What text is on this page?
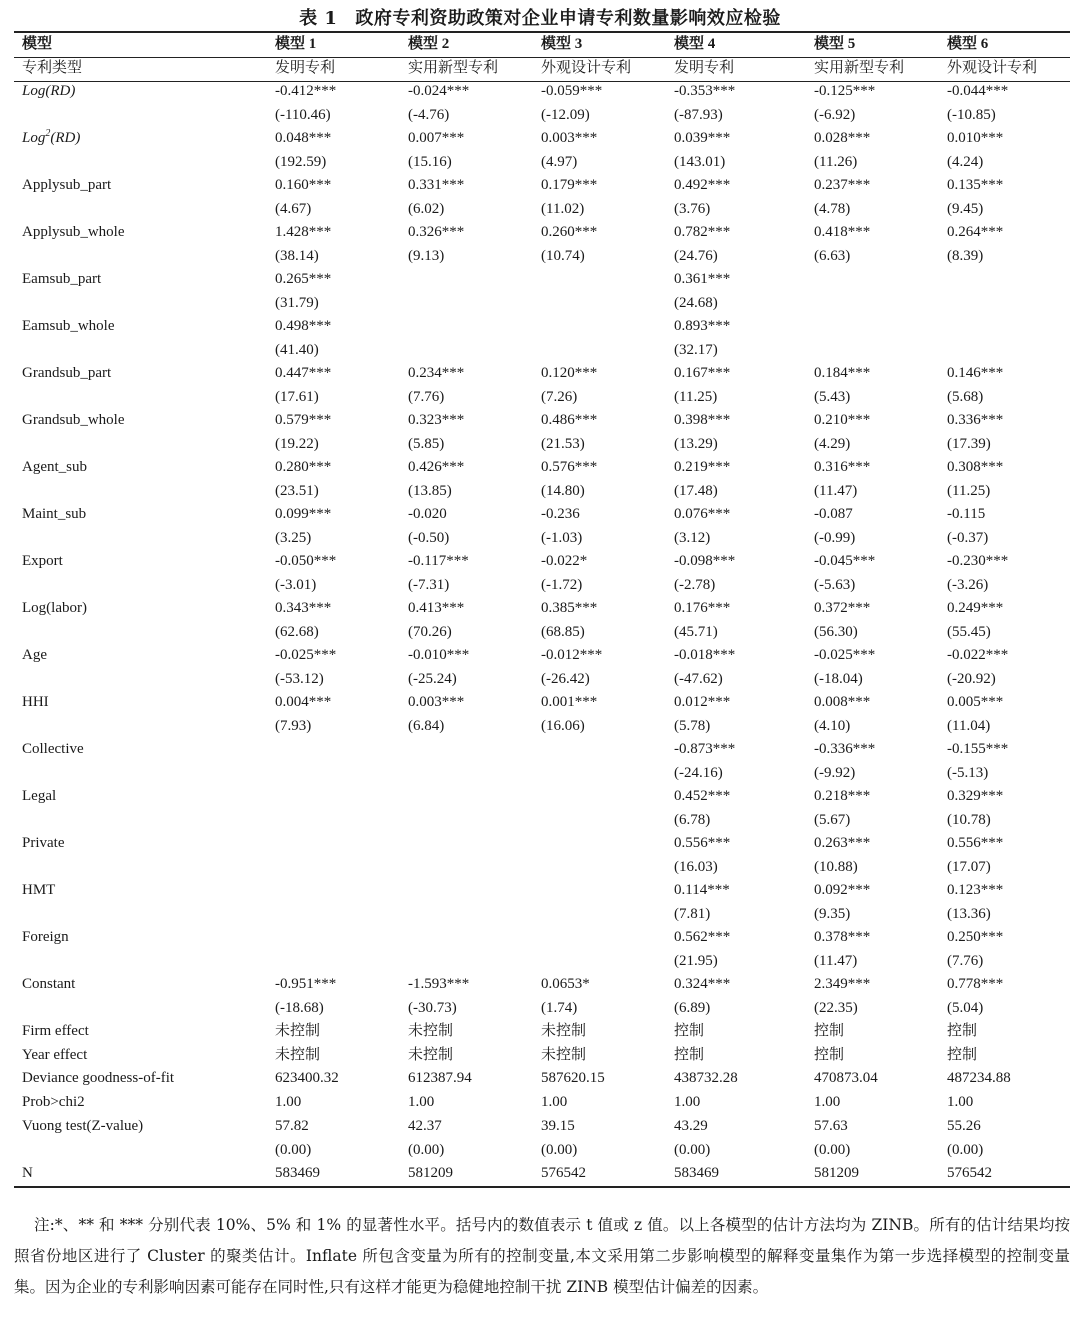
表 1 政府专利资助政策对企业申请专利数量影响效应检验
模型	模型 1	模型 2	模型 3	模型 4	模型 5	模型 6
专利类型	发明专利	实用新型专利	外观设计专利	发明专利	实用新型专利	外观设计专利
Log(RD)	-0.412***	-0.024***	-0.059***	-0.353***	-0.125***	-0.044***
	(-110.46)	(-4.76)	(-12.09)	(-87.93)	(-6.92)	(-10.85)
Log$^2$(RD)	0.048***	0.007***	0.003***	0.039***	0.028***	0.010***
	(192.59)	(15.16)	(4.97)	(143.01)	(11.26)	(4.24)
Applysub_part	0.160***	0.331***	0.179***	0.492***	0.237***	0.135***
	(4.67)	(6.02)	(11.02)	(3.76)	(4.78)	(9.45)
Applysub_whole	1.428***	0.326***	0.260***	0.782***	0.418***	0.264***
	(38.14)	(9.13)	(10.74)	(24.76)	(6.63)	(8.39)
Eamsub_part	0.265***			0.361***		
	(31.79)			(24.68)		
Eamsub_whole	0.498***			0.893***		
	(41.40)			(32.17)		
Grandsub_part	0.447***	0.234***	0.120***	0.167***	0.184***	0.146***
	(17.61)	(7.76)	(7.26)	(11.25)	(5.43)	(5.68)
Grandsub_whole	0.579***	0.323***	0.486***	0.398***	0.210***	0.336***
	(19.22)	(5.85)	(21.53)	(13.29)	(4.29)	(17.39)
Agent_sub	0.280***	0.426***	0.576***	0.219***	0.316***	0.308***
	(23.51)	(13.85)	(14.80)	(17.48)	(11.47)	(11.25)
Maint_sub	0.099***	-0.020	-0.236	0.076***	-0.087	-0.115
	(3.25)	(-0.50)	(-1.03)	(3.12)	(-0.99)	(-0.37)
Export	-0.050***	-0.117***	-0.022*	-0.098***	-0.045***	-0.230***
	(-3.01)	(-7.31)	(-1.72)	(-2.78)	(-5.63)	(-3.26)
Log(labor)	0.343***	0.413***	0.385***	0.176***	0.372***	0.249***
	(62.68)	(70.26)	(68.85)	(45.71)	(56.30)	(55.45)
Age	-0.025***	-0.010***	-0.012***	-0.018***	-0.025***	-0.022***
	(-53.12)	(-25.24)	(-26.42)	(-47.62)	(-18.04)	(-20.92)
HHI	0.004***	0.003***	0.001***	0.012***	0.008***	0.005***
	(7.93)	(6.84)	(16.06)	(5.78)	(4.10)	(11.04)
Collective				-0.873***	-0.336***	-0.155***
				(-24.16)	(-9.92)	(-5.13)
Legal				0.452***	0.218***	0.329***
				(6.78)	(5.67)	(10.78)
Private				0.556***	0.263***	0.556***
				(16.03)	(10.88)	(17.07)
HMT				0.114***	0.092***	0.123***
				(7.81)	(9.35)	(13.36)
Foreign				0.562***	0.378***	0.250***
				(21.95)	(11.47)	(7.76)
Constant	-0.951***	-1.593***	0.0653*	0.324***	2.349***	0.778***
	(-18.68)	(-30.73)	(1.74)	(6.89)	(22.35)	(5.04)
Firm effect	未控制	未控制	未控制	控制	控制	控制
Year effect	未控制	未控制	未控制	控制	控制	控制
Deviance goodness-of-fit	623400.32	612387.94	587620.15	438732.28	470873.04	487234.88
Prob>chi2	1.00	1.00	1.00	1.00	1.00	1.00
Vuong test(Z-value)	57.82	42.37	39.15	43.29	57.63	55.26
	(0.00)	(0.00)	(0.00)	(0.00)	(0.00)	(0.00)
N	583469	581209	576542	583469	581209	576542
注:*、** 和 *** 分别代表 10%、5% 和 1% 的显著性水平。括号内的数值表示 t 值或 z 值。以上各模型的估计方法均为 ZINB。所有的估计结果均按照省份地区进行了 Cluster 的聚类估计。Inflate 所包含变量为所有的控制变量,本文采用第二步影响模型的解释变量集作为第一步选择模型的控制变量集。因为企业的专利影响因素可能存在同时性,只有这样才能更为稳健地控制干扰 ZINB 模型估计偏差的因素。
